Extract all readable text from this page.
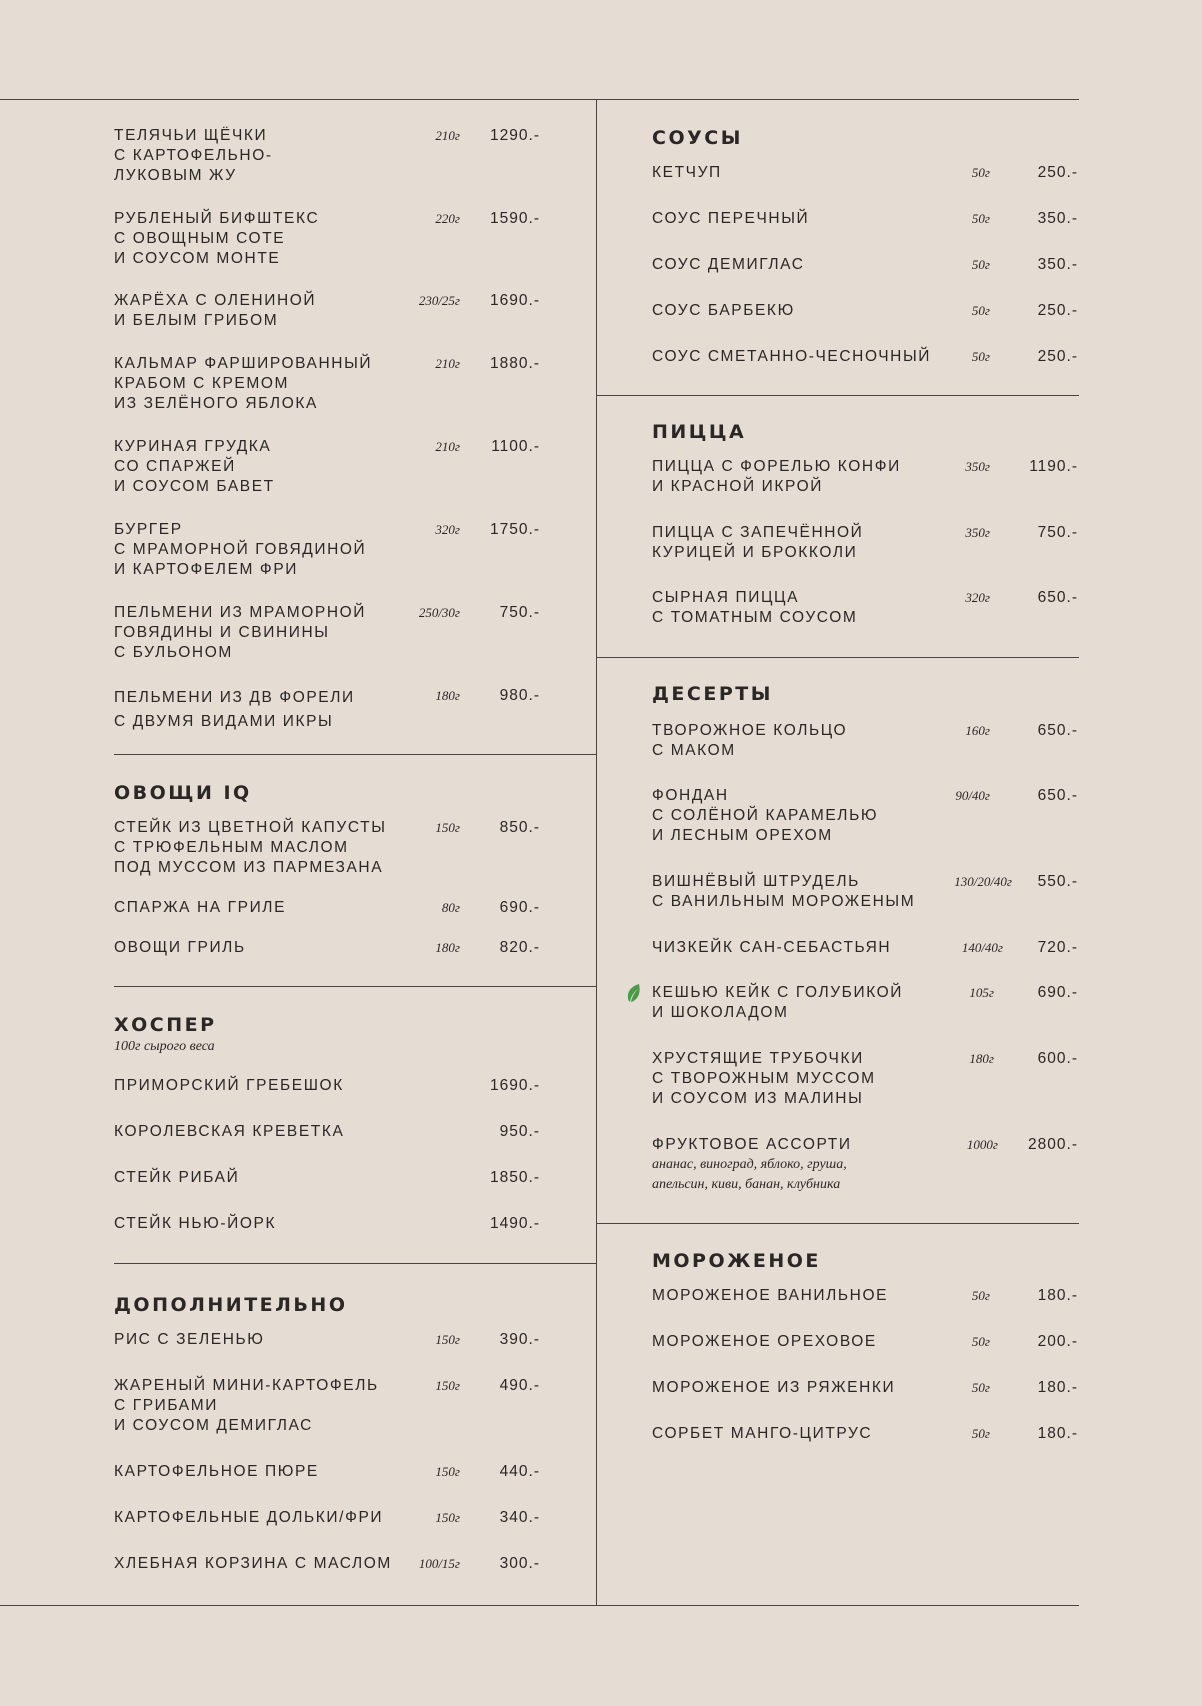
ТЕЛЯЧЬИ ЩЁЧКИ
С КАРТОФЕЛЬНО-
ЛУКОВЫМ ЖУ
210г 1290.-
РУБЛЕНЫЙ БИФШТЕКС
С ОВОЩНЫМ СОТЕ
И СОУСОМ МОНТЕ
220г 1590.-
ЖАРЁХА С ОЛЕНИНОЙ
И БЕЛЫМ ГРИБОМ
230/25г 1690.-
КАЛЬМАР ФАРШИРОВАННЫЙ
КРАБОМ С КРЕМОМ
ИЗ ЗЕЛЁНОГО ЯБЛОКА
210г 1880.-
КУРИНАЯ ГРУДКА
СО СПАРЖЕЙ
И СОУСОМ БАВЕТ
210г 1100.-
БУРГЕР
С МРАМОРНОЙ ГОВЯДИНОЙ
И КАРТОФЕЛЕМ ФРИ
320г 1750.-
ПЕЛЬМЕНИ ИЗ МРАМОРНОЙ
ГОВЯДИНЫ И СВИНИНЫ
С БУЛЬОНОМ
250/30г	750.-
ПЕЛЬМЕНИ ИЗ ДВ ФОРЕЛИ
С ДВУМЯ ВИДАМИ ИКРЫ
180г	980.-
ОВОЩИ IQ
СТЕЙК ИЗ ЦВЕТНОЙ КАПУСТЫ
С ТРЮФЕЛЬНЫМ МАСЛОМ
ПОД МУССОМ ИЗ ПАРМЕЗАНА
150г	850.-
СПАРЖА НА ГРИЛЕ	80г	690.-
ОВОЩИ ГРИЛЬ	180г	820.-
ХОСПЕР
100г сырого веса
ПРИМОРСКИЙ ГРЕБЕШОК	1690.-
КОРОЛЕВСКАЯ КРЕВЕТКА	950.-
СТЕЙК РИБАЙ	1850.-
СТЕЙК НЬЮ-ЙОРК	1490.-
ДОПОЛНИТЕЛЬНО
РИС С ЗЕЛЕНЬЮ	150г	390.-
ЖАРЕНЫЙ МИНИ-КАРТОФЕЛЬ
С ГРИБАМИ
И СОУСОМ ДЕМИГЛАС
150г	490.-
КАРТОФЕЛЬНОЕ ПЮРЕ	150г	440.-
КАРТОФЕЛЬНЫЕ ДОЛЬКИ/ФРИ	150г	340.-
ХЛЕБНАЯ КОРЗИНА С МАСЛОМ 100/15г	300.-
СОУСЫ
КЕТЧУП	50г	250.-
СОУС ПЕРЕЧНЫЙ	50г	350.-
СОУС ДЕМИГЛАС	50г	350.-
СОУС БАРБЕКЮ	50г	250.-
СОУС СМЕТАННО-ЧЕСНОЧНЫЙ	50г	250.-
ПИЦЦА
ПИЦЦА С ФОРЕЛЬЮ КОНФИ
И КРАСНОЙ ИКРОЙ
350г	1190.-
ПИЦЦА С ЗАПЕЧЁННОЙ
КУРИЦЕЙ И БРОККОЛИ
350г	750.-
СЫРНАЯ ПИЦЦА
С ТОМАТНЫМ СОУСОМ
320г	650.-
ДЕСЕРТЫ
ТВОРОЖНОЕ КОЛЬЦО
С МАКОМ
160г	650.-
ФОНДАН
С СОЛЁНОЙ КАРАМЕЛЬЮ
И ЛЕСНЫМ ОРЕХОМ
90/40г	650.-
ВИШНЁВЫЙ ШТРУДЕЛЬ
С ВАНИЛЬНЫМ МОРОЖЕНЫМ
130/20/40г 550.-
ЧИЗКЕЙК САН-СЕБАСТЬЯН	140/40г 720.-
КЕШЬЮ КЕЙК С ГОЛУБИКОЙ
И ШОКОЛАДОМ
105г	690.-
ХРУСТЯЩИЕ ТРУБОЧКИ
С ТВОРОЖНЫМ МУССОМ
И СОУСОМ ИЗ МАЛИНЫ
180г	600.-
ФРУКТОВОЕ АССОРТИ	1000г 2800.-
ананас, виноград, яблоко, груша,
апельсин, киви, банан, клубника
МОРОЖЕНОЕ
МОРОЖЕНОЕ ВАНИЛЬНОЕ	50г	180.-
МОРОЖЕНОЕ ОРЕХОВОЕ	50г	200.-
МОРОЖЕНОЕ ИЗ РЯЖЕНКИ	50г	180.-
СОРБЕТ МАНГО-ЦИТРУС	50г	180.-
